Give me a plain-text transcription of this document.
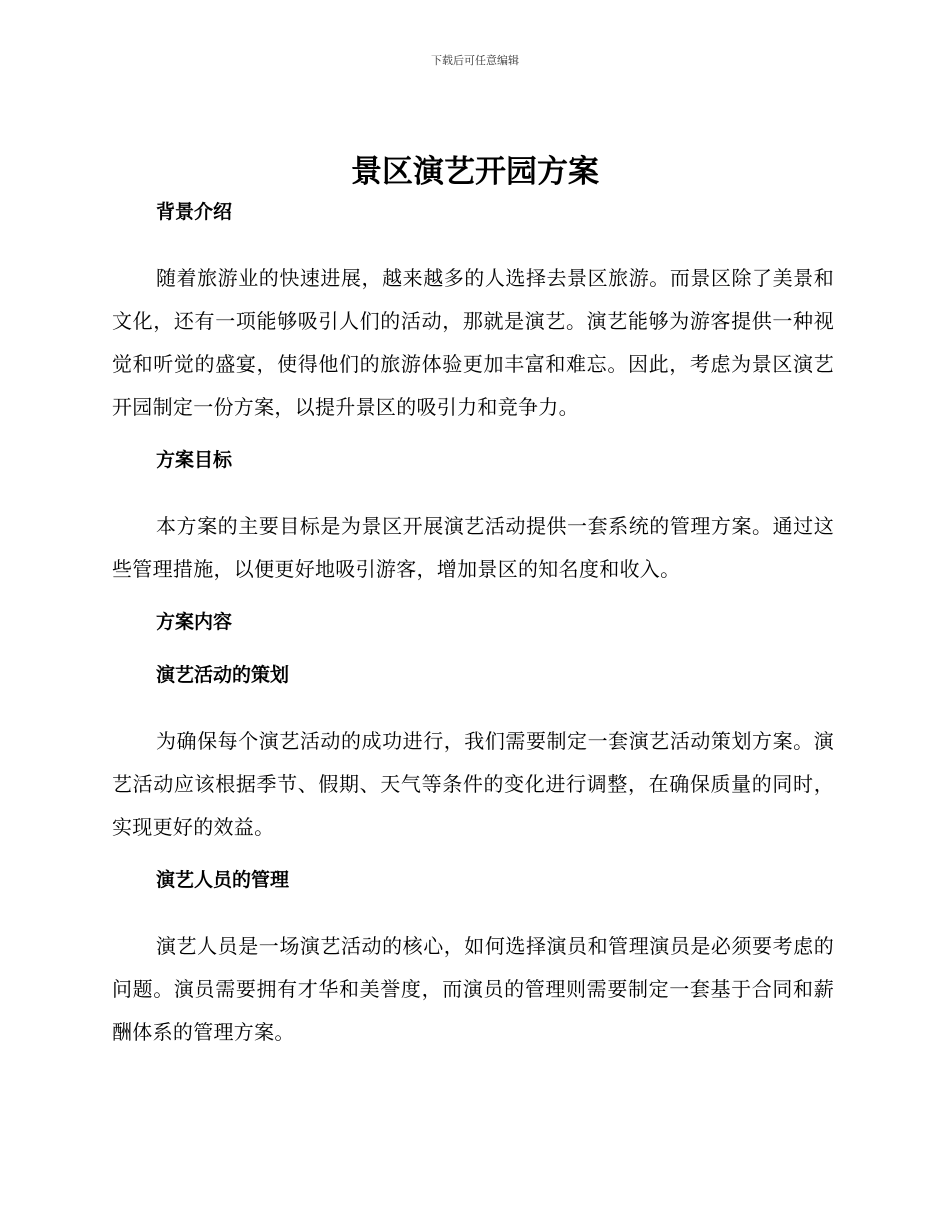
下载后可任意编辑
景区演艺开园方案
背景介绍

随着旅游业的快速进展，越来越多的人选择去景区旅游。而景区除了美景和文化，还有一项能够吸引人们的活动，那就是演艺。演艺能够为游客提供一种视觉和听觉的盛宴，使得他们的旅游体验更加丰富和难忘。因此，考虑为景区演艺开园制定一份方案，以提升景区的吸引力和竞争力。

方案目标

本方案的主要目标是为景区开展演艺活动提供一套系统的管理方案。通过这些管理措施，以便更好地吸引游客，增加景区的知名度和收入。

方案内容
演艺活动的策划

为确保每个演艺活动的成功进行，我们需要制定一套演艺活动策划方案。演艺活动应该根据季节、假期、天气等条件的变化进行调整，在确保质量的同时，实现更好的效益。

演艺人员的管理

演艺人员是一场演艺活动的核心，如何选择演员和管理演员是必须要考虑的问题。演员需要拥有才华和美誉度，而演员的管理则需要制定一套基于合同和薪酬体系的管理方案。
